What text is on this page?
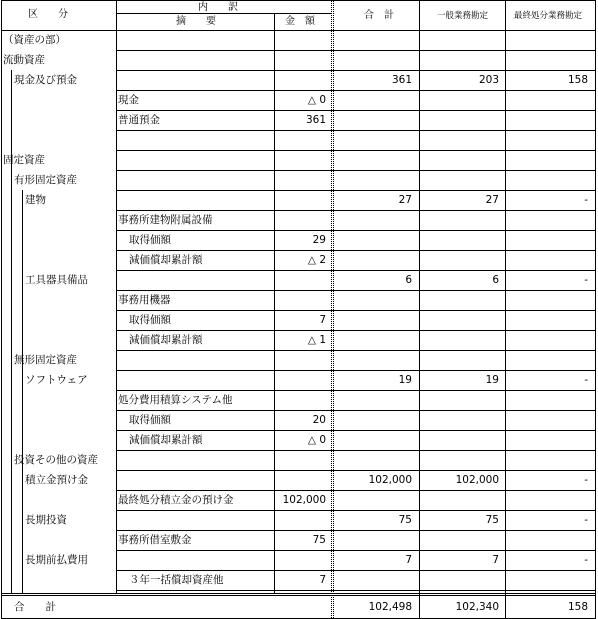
区　　分
内　　訳
摘　　要	金　額
合　計	一般業務勘定	最終処分業務勘定
（資産の部）
流動資産
現金及び預金	361	203	158
現金	△ 0
普通預金	361
固定資産
有形固定資産
建物	27	27	-
事務所建物附属設備
取得価額	29
減価償却累計額	△ 2
工具器具備品	6	6	-
事務用機器
取得価額	7
減価償却累計額	△ 1
無形固定資産
ソフトウェア	19	19	-
処分費用積算システム他
取得価額	20
減価償却累計額	△ 0
投資その他の資産
積立金預け金	102,000	102,000	-
最終処分積立金の預け金	102,000
長期投資	75	75	-
事務所借室敷金	75
長期前払費用	7	7	-
３年一括償却資産他	7
合　　計	102,498	102,340	158
